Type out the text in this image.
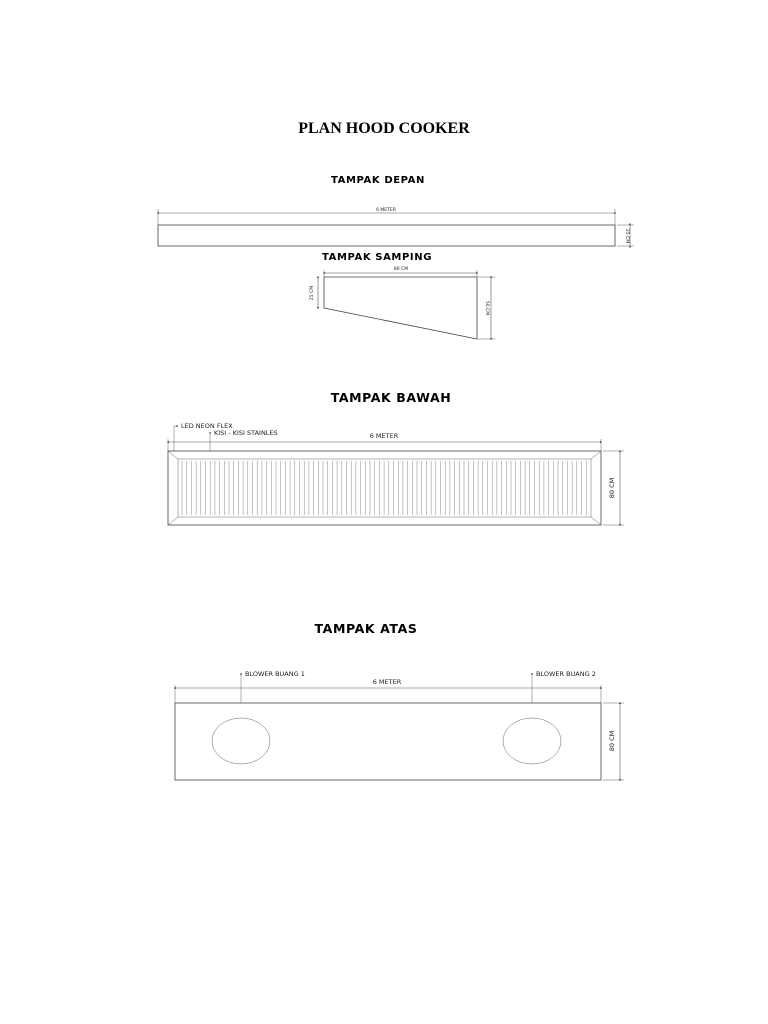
PLAN HOOD COOKER
TAMPAK DEPAN
6 METER
25 CM
TAMPAK SAMPING
80 CM
25 CM
50 CM
TAMPAK BAWAH
LED NEON FLEX
KISI - KISI STAINLES	6 METER
80 CM
TAMPAK ATAS
BLOWER BUANG 1	BLOWER BUANG 2
6 METER
80 CM
